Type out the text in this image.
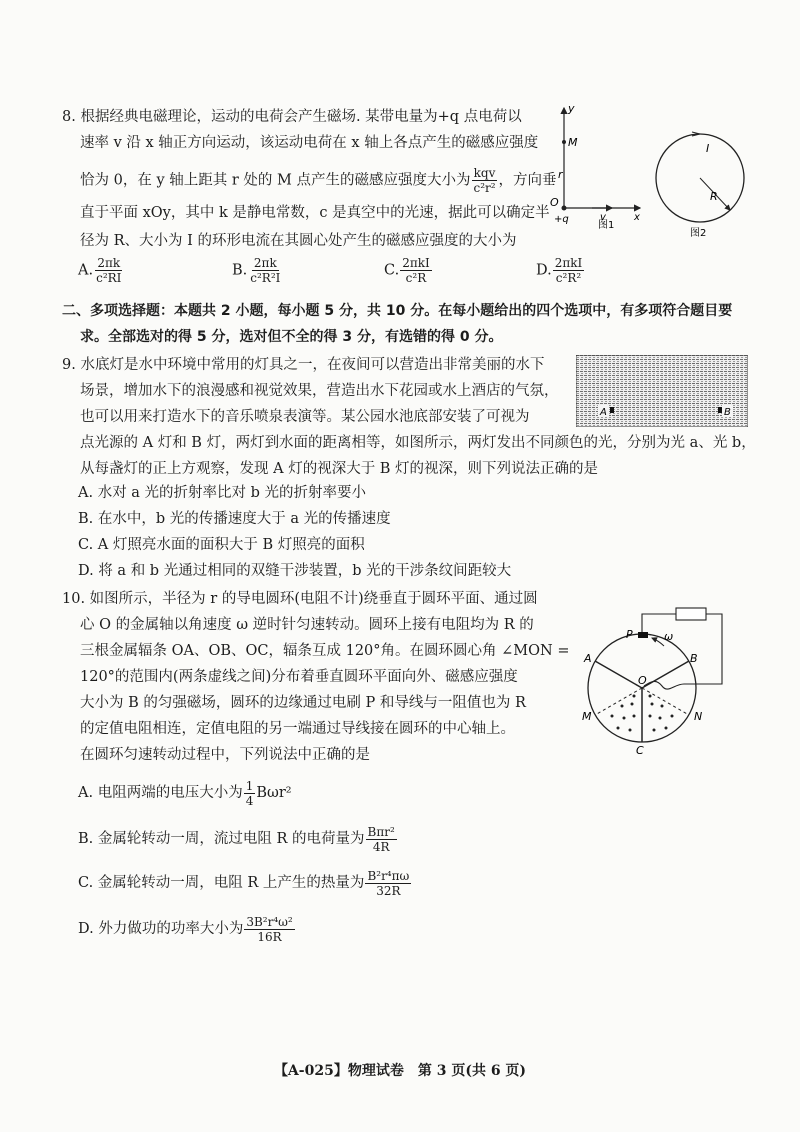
8. 根据经典电磁理论，运动的电荷会产生磁场. 某带电量为+q 点电荷以
速率 v 沿 x 轴正方向运动，该运动电荷在 x 轴上各点产生的磁感应强度
恰为 0，在 y 轴上距其 r 处的 M 点产生的磁感应强度大小为 $\frac{\text{kqv}}{\text{c²r²}}$ ，方向垂
直于平面 xOy，其中 k 是静电常数，c 是真空中的光速，据此可以确定半
径为 R、大小为 I 的环形电流在其圆心处产生的磁感应强度的大小为
y
M
r
O
+q	v	x
图1
I
R
图2
A. $\frac{2\pi k}{\text{c²RI}}$	B. $\frac{2\pi k}{\text{c²R²I}}$	C. $\frac{\text{2πkI}}{\text{c²R}}$	D. $\frac{\text{2πkI}}{\text{c²R²}}$
二、多项选择题：本题共 2 小题，每小题 5 分，共 10 分。在每小题给出的四个选项中，有多项符合题目要
求。全部选对的得 5 分，选对但不全的得 3 分，有选错的得 0 分。
9. 水底灯是水中环境中常用的灯具之一，在夜间可以营造出非常美丽的水下
场景，增加水下的浪漫感和视觉效果，营造出水下花园或水上酒店的气氛，
也可以用来打造水下的音乐喷泉表演等。某公园水池底部安装了可视为
点光源的 A 灯和 B 灯，两灯到水面的距离相等，如图所示，两灯发出不同颜色的光，分别为光 a、光 b，
从每盏灯的正上方观察，发现 A 灯的视深大于 B 灯的视深，则下列说法正确的是
A	B
A. 水对 a 光的折射率比对 b 光的折射率要小
B. 在水中，b 光的传播速度大于 a 光的传播速度
C. A 灯照亮水面的面积大于 B 灯照亮的面积
D. 将 a 和 b 光通过相同的双缝干涉装置，b 光的干涉条纹间距较大
10. 如图所示，半径为 r 的导电圆环(电阻不计)绕垂直于圆环平面、通过圆
心 O 的金属轴以角速度 ω 逆时针匀速转动。圆环上接有电阻均为 R 的
三根金属辐条 OA、OB、OC，辐条互成 120°角。在圆环圆心角 ∠MON =
120°的范围内(两条虚线之间)分布着垂直圆环平面向外、磁感应强度
大小为 B 的匀强磁场，圆环的边缘通过电刷 P 和导线与一阻值也为 R
的定值电阻相连，定值电阻的另一端通过导线接在圆环的中心轴上。
在圆环匀速转动过程中，下列说法中正确的是
P	ω
A	B
O
M	N
C
A. 电阻两端的电压大小为 $\frac{1}{4} B\omega r^2$
B. 金属轮转动一周，流过电阻 R 的电荷量为 $\frac{\text{Bπr²}}{4R}$
C. 金属轮转动一周，电阻 R 上产生的热量为 $\frac{\text{B²r⁴πω}}{32R}$
D. 外力做功的功率大小为 $\frac{\text{3B²r⁴ω²}}{16R}$
【A-025】物理试卷　第 3 页(共 6 页)
